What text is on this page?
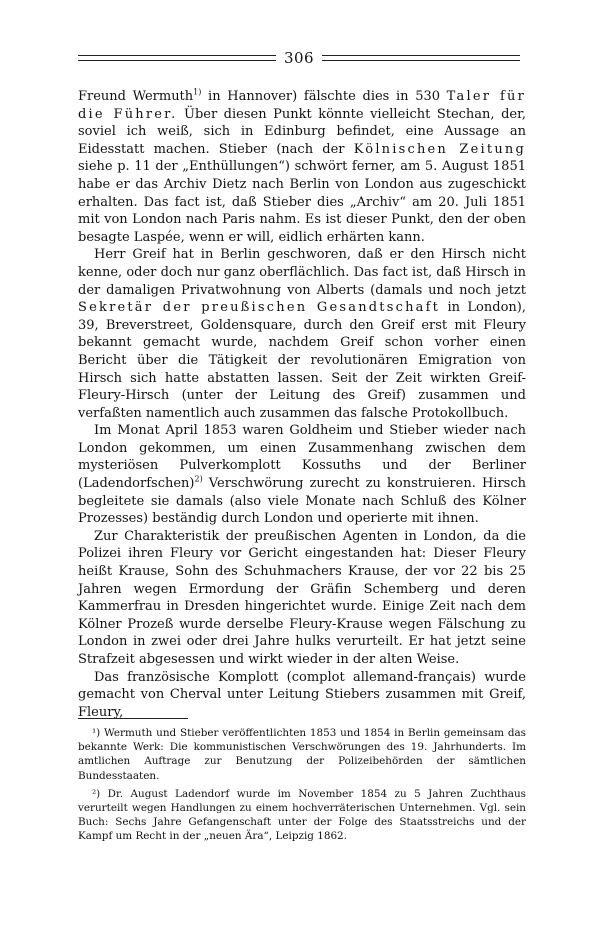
306

Freund Wermuth$^{1)}$ in Hannover) fälschte dies in 530 Taler für die Führer. Über diesen Punkt könnte vielleicht Stechan, der, soviel ich weiß, sich in Edinburg befindet, eine Aussage an Eidesstatt machen. Stieber (nach der Kölnischen Zeitung siehe p. 11 der „Enthüllungen“) schwört ferner, am 5. August 1851 habe er das Archiv Dietz nach Berlin von London aus zugeschickt erhalten. Das fact ist, daß Stieber dies „Archiv“ am 20. Juli 1851 mit von London nach Paris nahm. Es ist dieser Punkt, den der oben besagte Laspée, wenn er will, eidlich erhärten kann.

Herr Greif hat in Berlin geschworen, daß er den Hirsch nicht kenne, oder doch nur ganz oberflächlich. Das fact ist, daß Hirsch in der damaligen Privatwohnung von Alberts (damals und noch jetzt Sekretär der preußischen Gesandtschaft in London), 39, Breverstreet, Goldensquare, durch den Greif erst mit Fleury bekannt gemacht wurde, nachdem Greif schon vorher einen Bericht über die Tätigkeit der revolutionären Emigration von Hirsch sich hatte abstatten lassen. Seit der Zeit wirkten Greif-Fleury-Hirsch (unter der Leitung des Greif) zusammen und verfaßten namentlich auch zusammen das falsche Protokollbuch.

Im Monat April 1853 waren Goldheim und Stieber wieder nach London gekommen, um einen Zusammenhang zwischen dem mysteriösen Pulverkomplott Kossuths und der Berliner (Ladendorfschen)$^{2)}$ Verschwörung zurecht zu konstruieren. Hirsch begleitete sie damals (also viele Monate nach Schluß des Kölner Prozesses) beständig durch London und operierte mit ihnen.

Zur Charakteristik der preußischen Agenten in London, da die Polizei ihren Fleury vor Gericht eingestanden hat: Dieser Fleury heißt Krause, Sohn des Schuhmachers Krause, der vor 22 bis 25 Jahren wegen Ermordung der Gräfin Schemberg und deren Kammerfrau in Dresden hingerichtet wurde. Einige Zeit nach dem Kölner Prozeß wurde derselbe Fleury-Krause wegen Fälschung zu London in zwei oder drei Jahre hulks verurteilt. Er hat jetzt seine Strafzeit abgesessen und wirkt wieder in der alten Weise.

Das französische Komplott (complot allemand-français) wurde gemacht von Cherval unter Leitung Stiebers zusammen mit Greif, Fleury,

¹) Wermuth und Stieber veröffentlichten 1853 und 1854 in Berlin gemeinsam das bekannte Werk: Die kommunistischen Verschwörungen des 19. Jahrhunderts. Im amtlichen Auftrage zur Benutzung der Polizeibehörden der sämtlichen Bundesstaaten.

²) Dr. August Ladendorf wurde im November 1854 zu 5 Jahren Zuchthaus verurteilt wegen Handlungen zu einem hochverräterischen Unternehmen. Vgl. sein Buch: Sechs Jahre Gefangenschaft unter der Folge des Staatsstreichs und der Kampf um Recht in der „neuen Ära“, Leipzig 1862.
